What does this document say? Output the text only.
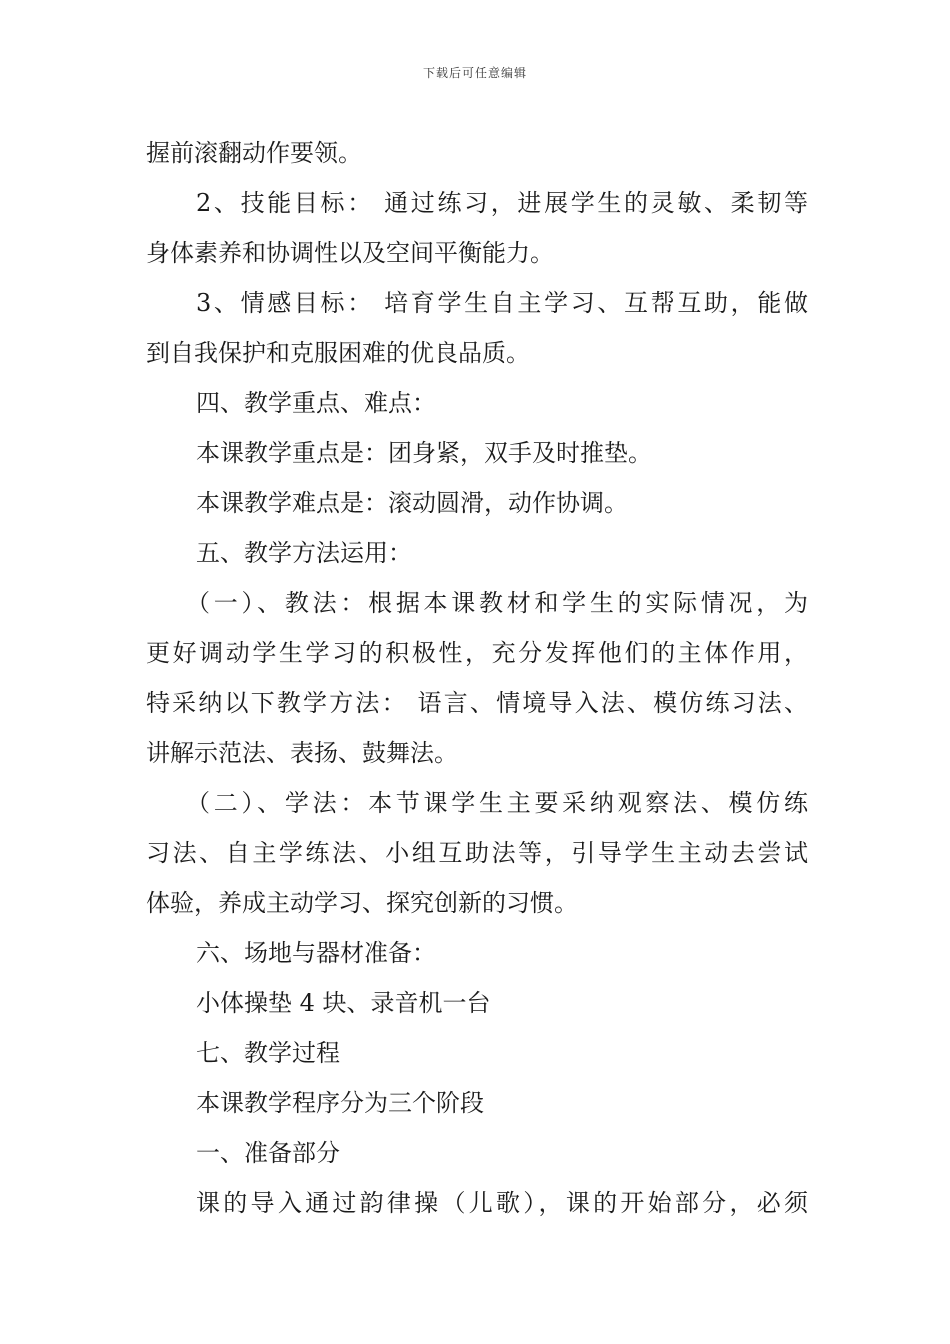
下载后可任意编辑
握前滚翻动作要领。
2、技能目标： 通过练习，进展学生的灵敏、柔韧等
身体素养和协调性以及空间平衡能力。
3、情感目标： 培育学生自主学习、互帮互助，能做
到自我保护和克服困难的优良品质。
四、教学重点、难点：
本课教学重点是：团身紧，双手及时推垫。
本课教学难点是：滚动圆滑，动作协调。
五、教学方法运用：
（一）、教法：根据本课教材和学生的实际情况，为
更好调动学生学习的积极性，充分发挥他们的主体作用，
特采纳以下教学方法： 语言、情境导入法、模仿练习法、
讲解示范法、表扬、鼓舞法。
（二）、学法：本节课学生主要采纳观察法、模仿练
习法、自主学练法、小组互助法等，引导学生主动去尝试
体验，养成主动学习、探究创新的习惯。
六、场地与器材准备：
小体操垫 4 块、录音机一台
七、教学过程
本课教学程序分为三个阶段
一、准备部分
课的导入通过韵律操（儿歌），课的开始部分，必须
